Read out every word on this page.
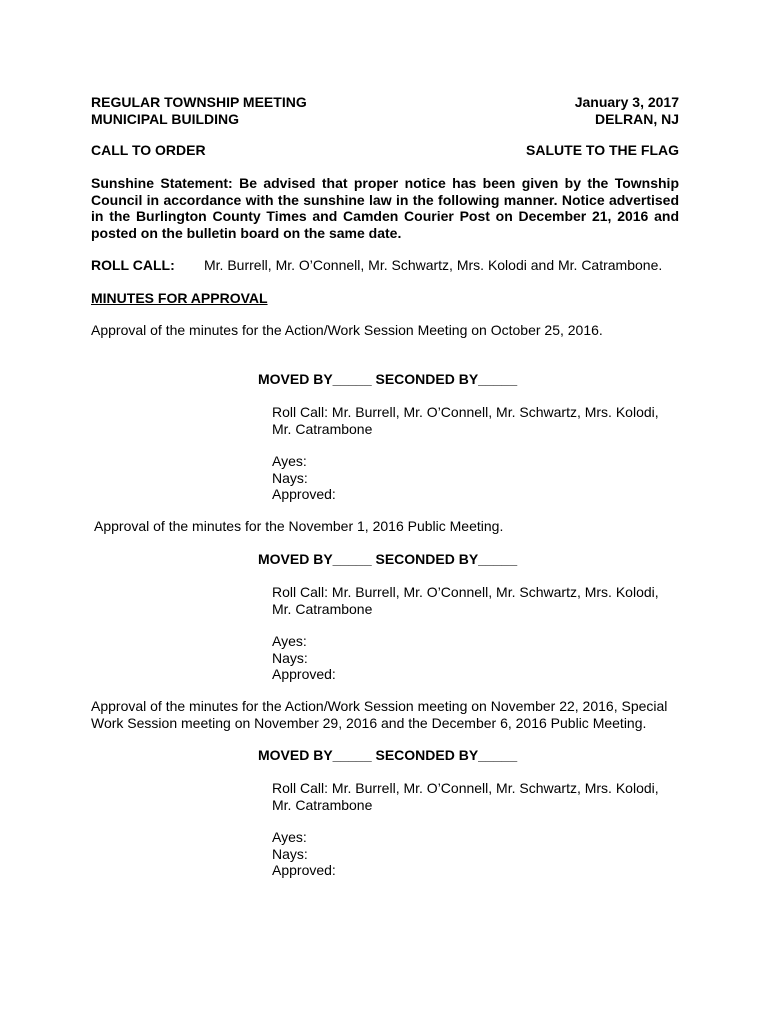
REGULAR TOWNSHIP MEETING
MUNICIPAL BUILDING
January 3, 2017
DELRAN, NJ
CALL TO ORDER	SALUTE TO THE FLAG
Sunshine Statement: Be advised that proper notice has been given by the Township Council in accordance with the sunshine law in the following manner. Notice advertised in the Burlington County Times and Camden Courier Post on December 21, 2016 and posted on the bulletin board on the same date.
ROLL CALL: Mr. Burrell, Mr. O’Connell, Mr. Schwartz, Mrs. Kolodi and Mr. Catrambone.
MINUTES FOR APPROVAL
Approval of the minutes for the Action/Work Session Meeting on October 25, 2016.
MOVED BY_____ SECONDED BY_____

Roll Call: Mr. Burrell, Mr. O’Connell, Mr. Schwartz, Mrs. Kolodi,

Mr. Catrambone

Ayes:

Nays:

Approved:

Approval of the minutes for the November 1, 2016 Public Meeting.
MOVED BY_____ SECONDED BY_____

Roll Call: Mr. Burrell, Mr. O’Connell, Mr. Schwartz, Mrs. Kolodi,

Mr. Catrambone

Ayes:

Nays:

Approved:

Approval of the minutes for the Action/Work Session meeting on November 22, 2016, Special Work Session meeting on November 29, 2016 and the December 6, 2016 Public Meeting.
MOVED BY_____ SECONDED BY_____

Roll Call: Mr. Burrell, Mr. O’Connell, Mr. Schwartz, Mrs. Kolodi,

Mr. Catrambone

Ayes:

Nays:

Approved:
